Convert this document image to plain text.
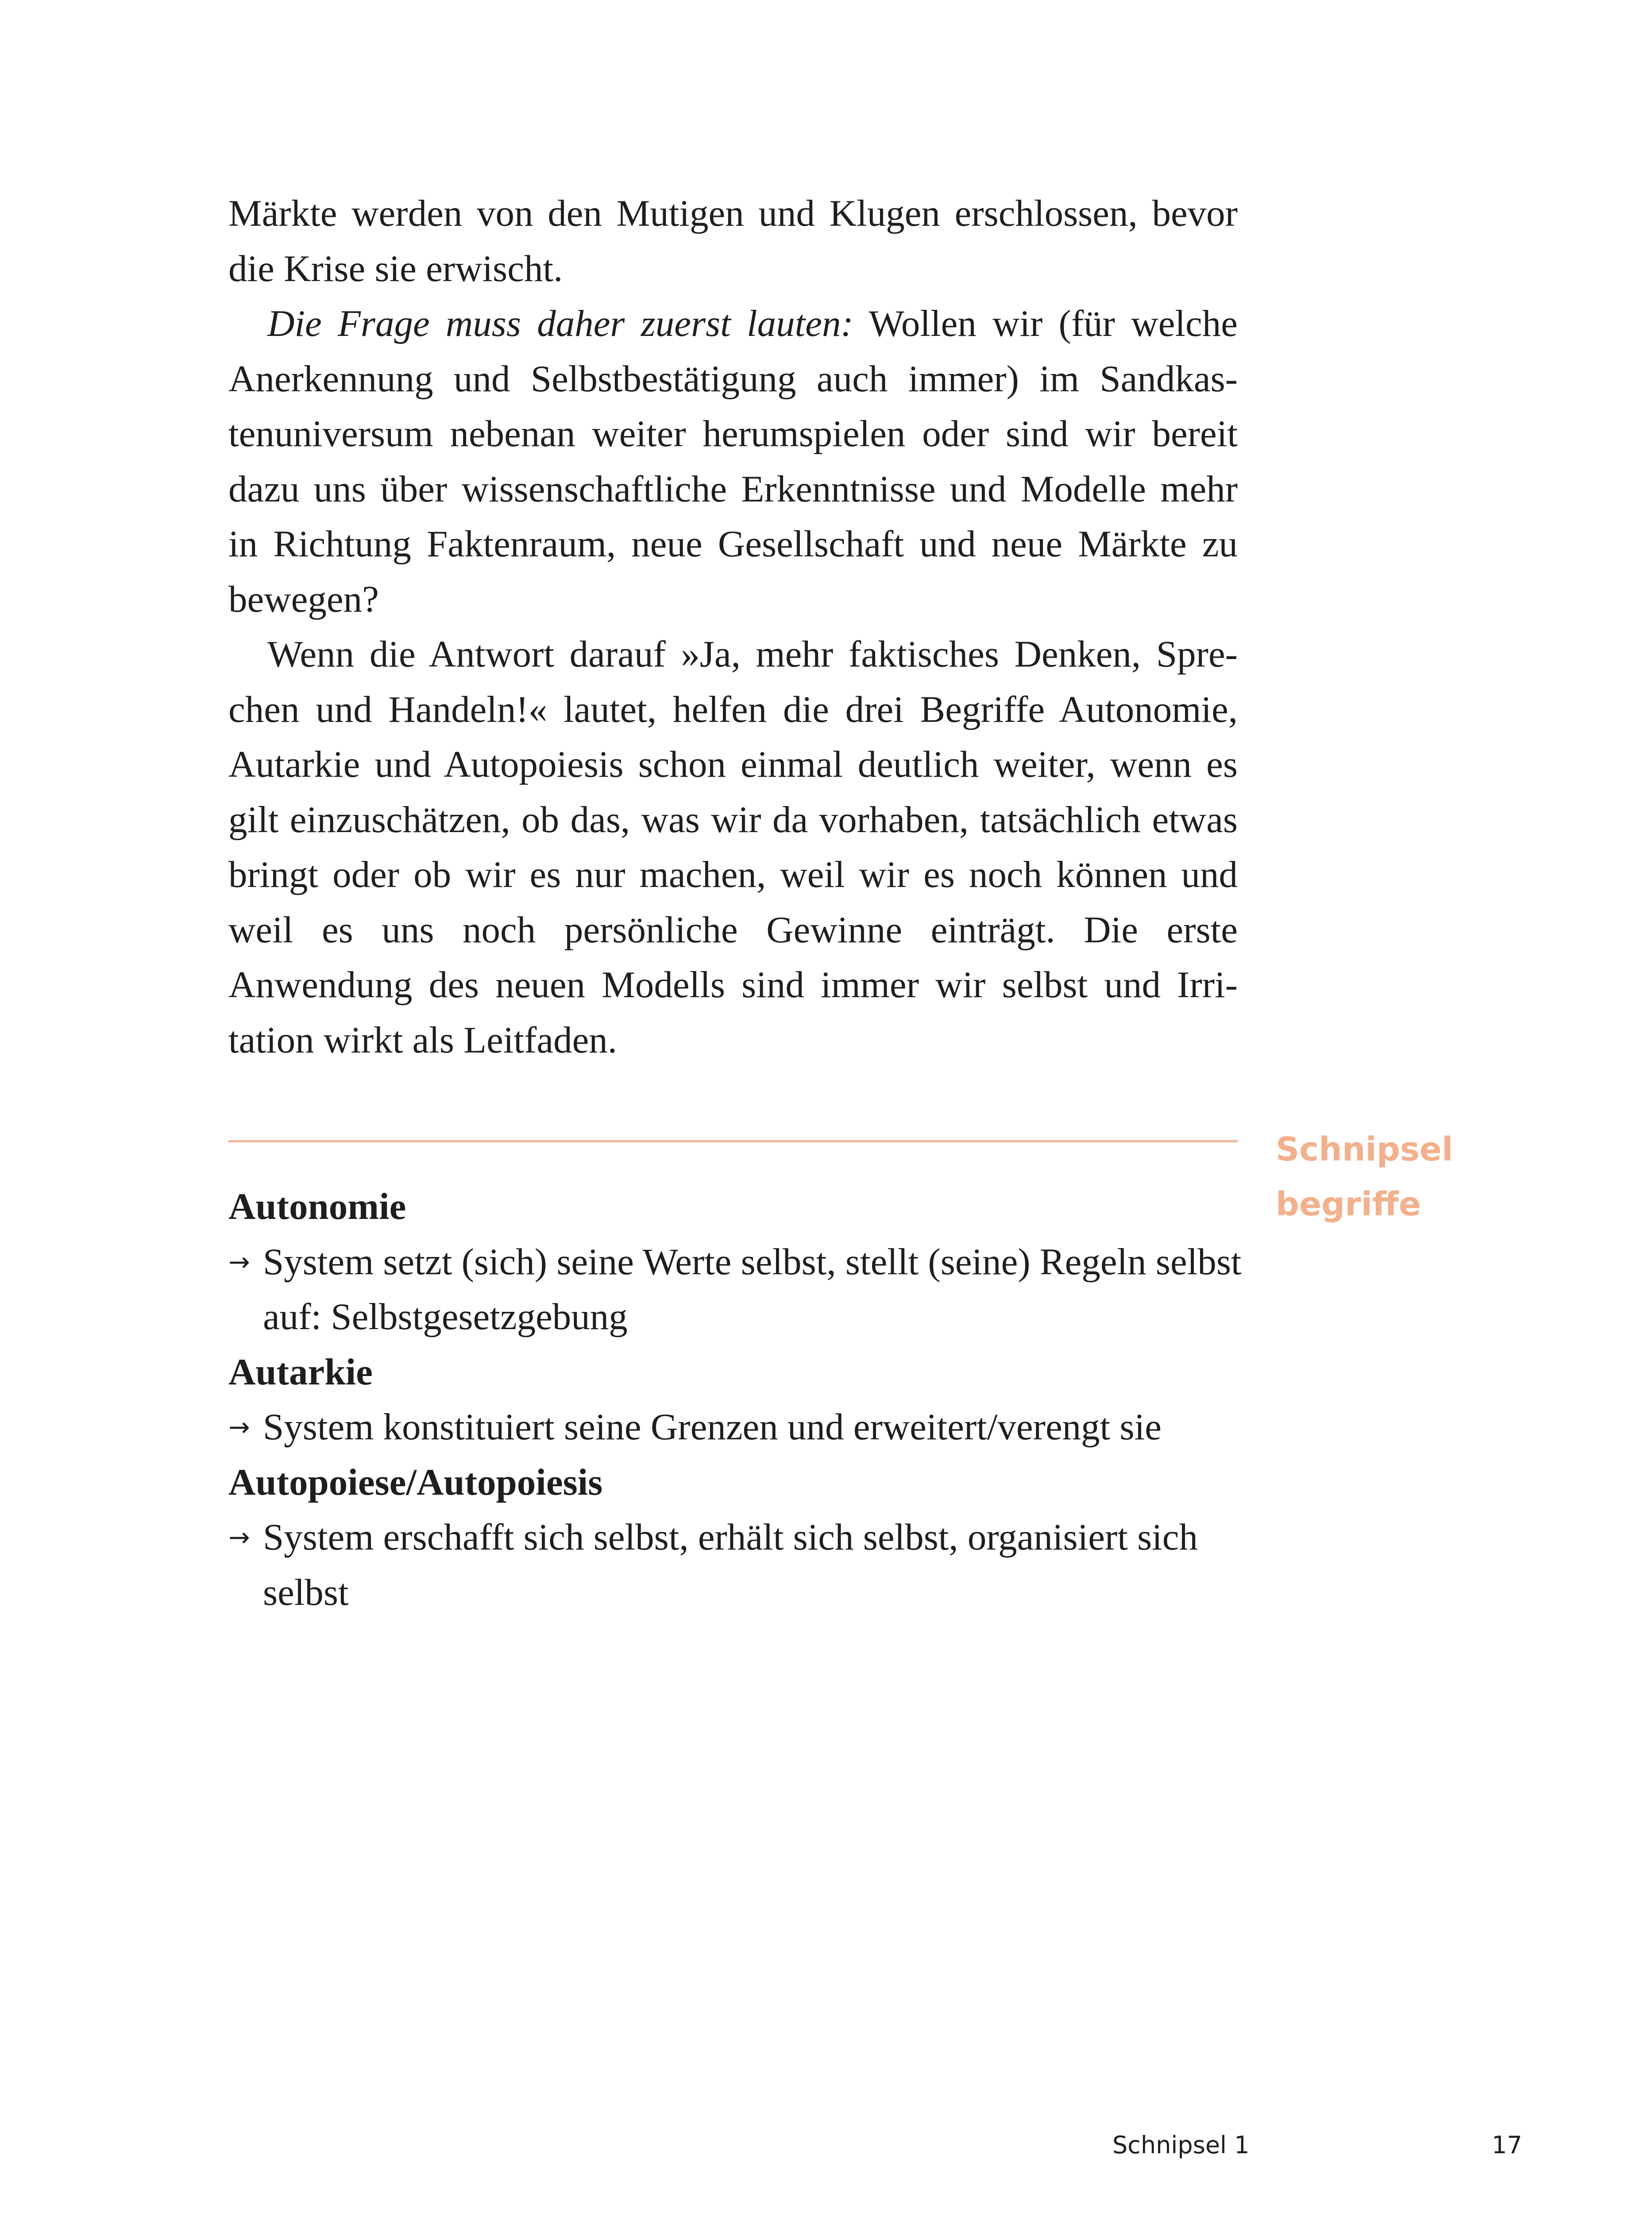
Märkte werden von den Mutigen und Klugen erschlossen, bevor die Krise sie erwischt.

Die Frage muss daher zuerst lauten: Wollen wir (für welche Anerkennung und Selbstbestätigung auch immer) im Sandkastenuniversum nebenan weiter herumspielen oder sind wir bereit dazu uns über wissenschaftliche Erkenntnisse und Modelle mehr in Richtung Faktenraum, neue Gesellschaft und neue Märkte zu bewegen?

Wenn die Antwort darauf »Ja, mehr faktisches Denken, Sprechen und Handeln!« lautet, helfen die drei Begriffe Autonomie, Autarkie und Autopoiesis schon einmal deutlich weiter, wenn es gilt einzuschätzen, ob das, was wir da vorhaben, tatsächlich etwas bringt oder ob wir es nur machen, weil wir es noch können und weil es uns noch persönliche Gewinne einträgt. Die erste Anwendung des neuen Modells sind immer wir selbst und Irritation wirkt als Leitfaden.

Schnipsel
begriffe
Autonomie
→ System setzt (sich) seine Werte selbst, stellt (seine) Regeln selbst auf: Selbstgesetzgebung
Autarkie
→ System konstituiert seine Grenzen und erweitert/verengt sie
Autopoiese/Autopoiesis
→ System erschafft sich selbst, erhält sich selbst, organisiert sich selbst
Schnipsel 1	17
